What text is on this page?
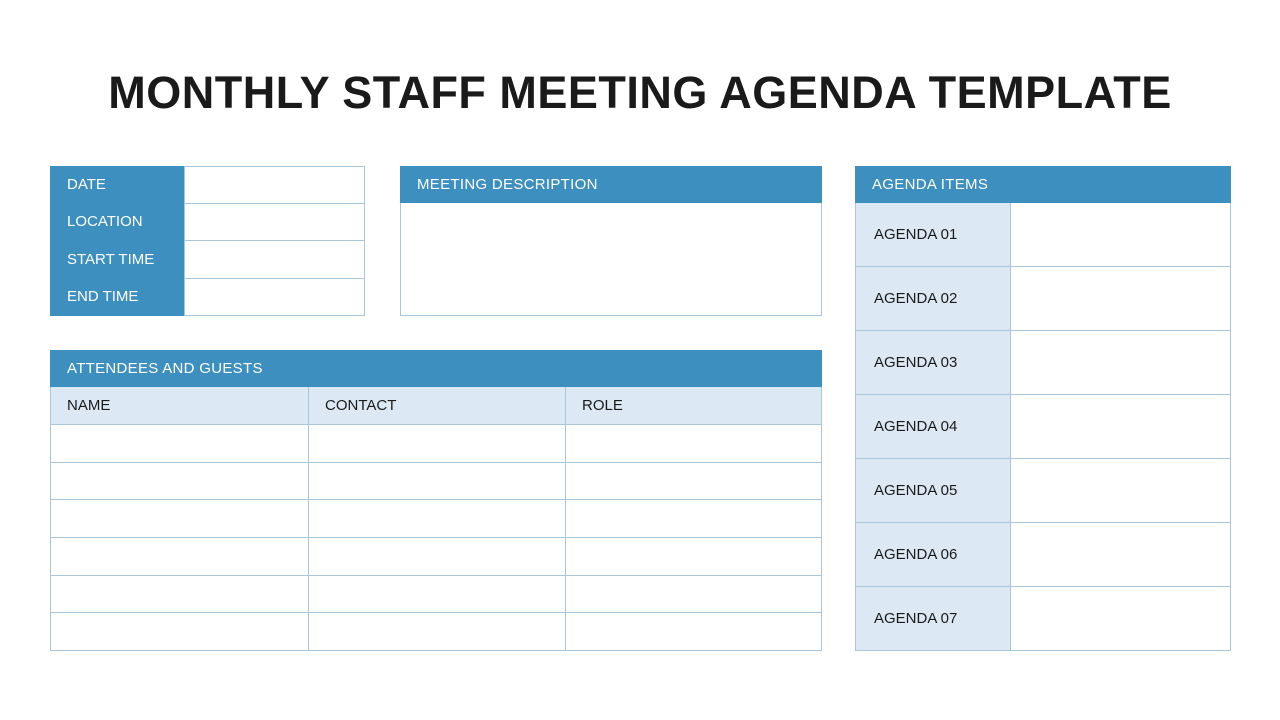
MONTHLY STAFF MEETING AGENDA TEMPLATE
DATE
LOCATION
START TIME
END TIME
MEETING DESCRIPTION	AGENDA ITEMS
AGENDA 01
AGENDA 02
AGENDA 03
AGENDA 04
AGENDA 05
AGENDA 06
AGENDA 07
ATTENDEES AND GUESTS
NAME	CONTACT	ROLE
